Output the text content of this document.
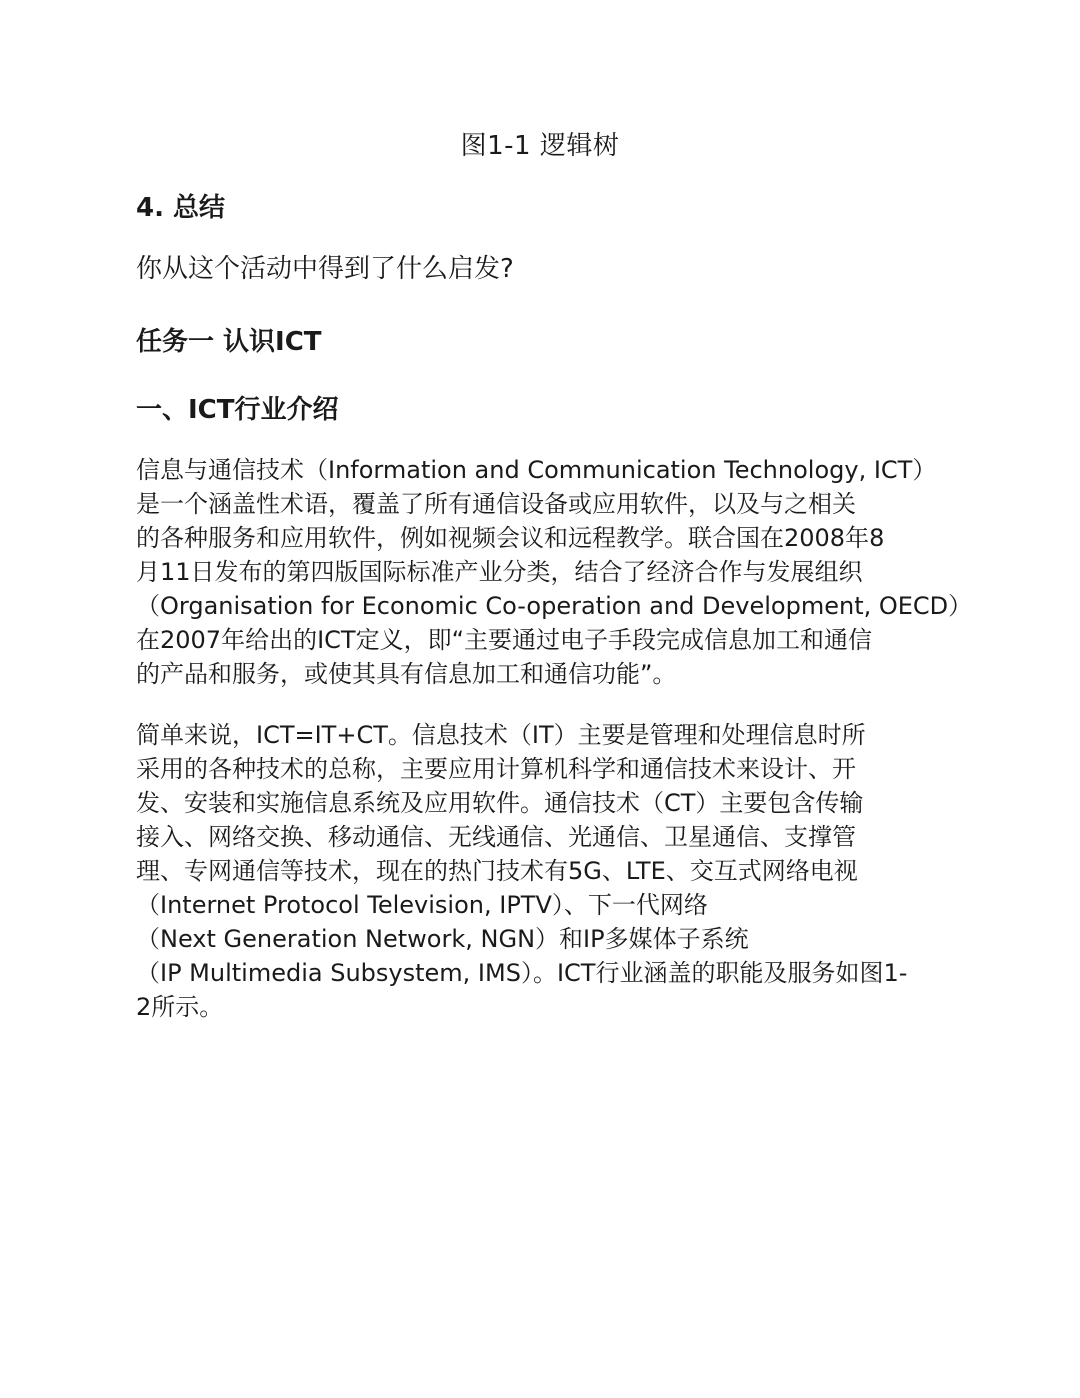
图1-1 逻辑树
4. 总结
你从这个活动中得到了什么启发?
任务一 认识ICT
一、ICT行业介绍
信息与通信技术（Information and Communication Technology, ICT）
是一个涵盖性术语，覆盖了所有通信设备或应用软件，以及与之相关
的各种服务和应用软件，例如视频会议和远程教学。联合国在2008年8
月11日发布的第四版国际标准产业分类，结合了经济合作与发展组织
（Organisation for Economic Co-operation and Development, OECD）
在2007年给出的ICT定义，即“主要通过电子手段完成信息加工和通信
的产品和服务，或使其具有信息加工和通信功能”。
简单来说，ICT=IT+CT。信息技术（IT）主要是管理和处理信息时所
采用的各种技术的总称，主要应用计算机科学和通信技术来设计、开
发、安装和实施信息系统及应用软件。通信技术（CT）主要包含传输
接入、网络交换、移动通信、无线通信、光通信、卫星通信、支撑管
理、专网通信等技术，现在的热门技术有5G、LTE、交互式网络电视
（Internet Protocol Television, IPTV）、下一代网络
（Next Generation Network, NGN）和IP多媒体子系统
（IP Multimedia Subsystem, IMS）。ICT行业涵盖的职能及服务如图1-
2所示。
